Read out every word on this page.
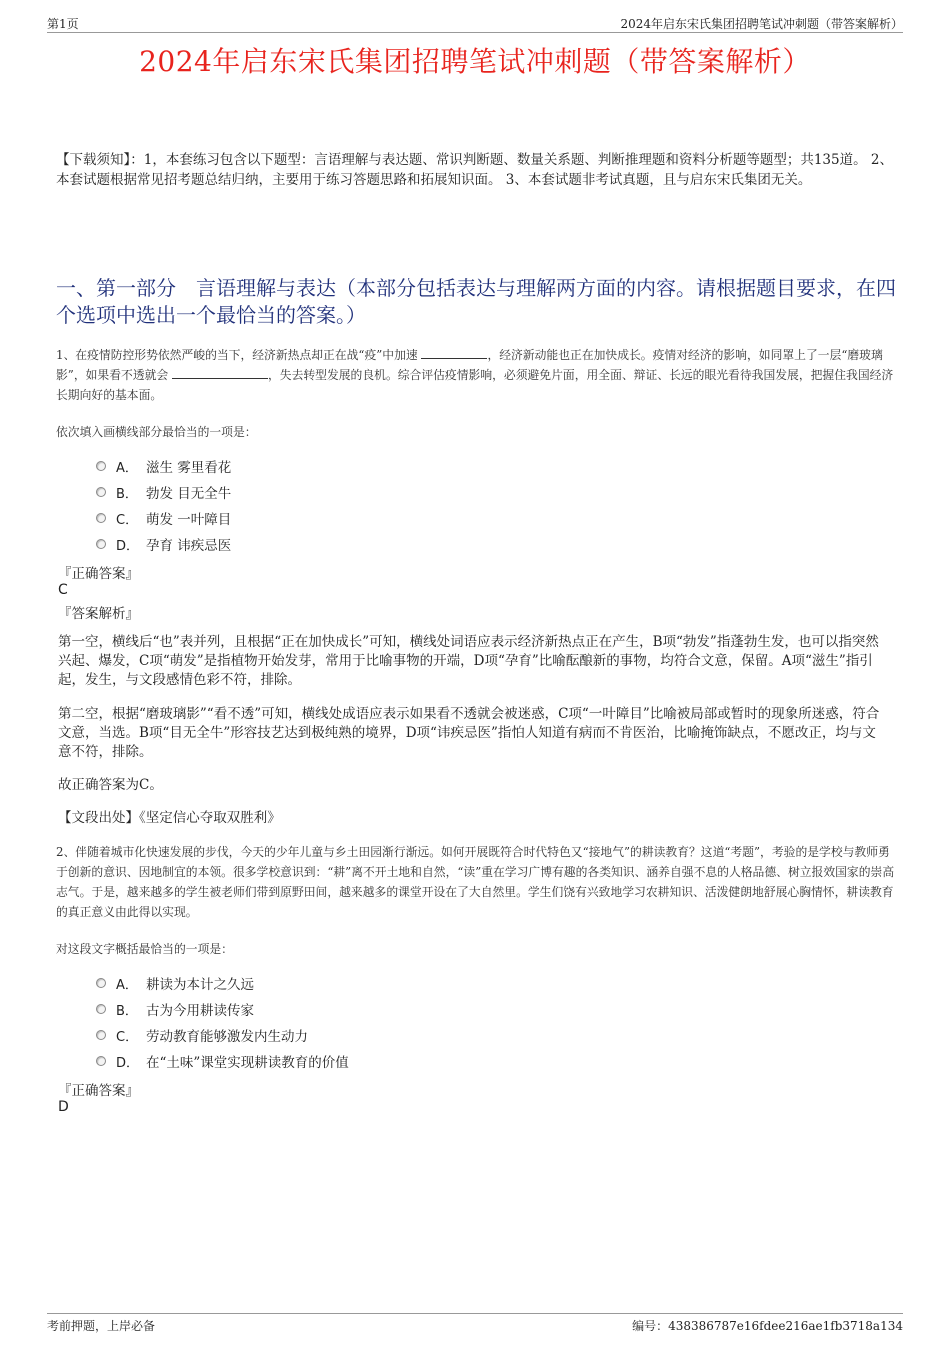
第1页	2024年启东宋氏集团招聘笔试冲刺题（带答案解析）
2024年启东宋氏集团招聘笔试冲刺题（带答案解析）
【下载须知】：1，本套练习包含以下题型：言语理解与表达题、常识判断题、数量关系题、判断推理题和资料分析题等题型；共135道。 2、本套试题根据常见招考题总结归纳，主要用于练习答题思路和拓展知识面。 3、本套试题非考试真题，且与启东宋氏集团无关。
一、第一部分　言语理解与表达（本部分包括表达与理解两方面的内容。请根据题目要求，在四个选项中选出一个最恰当的答案。）
1、在疫情防控形势依然严峻的当下，经济新热点却正在战“疫”中加速	，经济新动能也正在加快成长。疫情对经济的影响，如同罩上了一层“磨玻璃影”，如果看不透就会	，失去转型发展的良机。综合评估疫情影响，必须避免片面，用全面、辩证、长远的眼光看待我国发展，把握住我国经济长期向好的基本面。
依次填入画横线部分最恰当的一项是：
A． 滋生 雾里看花
B． 勃发 目无全牛
C． 萌发 一叶障目
D． 孕育 讳疾忌医
『正确答案』
C
『答案解析』
第一空，横线后“也”表并列，且根据“正在加快成长”可知，横线处词语应表示经济新热点正在产生，B项“勃发”指蓬勃生发，也可以指突然兴起、爆发，C项“萌发”是指植物开始发芽，常用于比喻事物的开端，D项“孕育”比喻酝酿新的事物，均符合文意，保留。A项“滋生”指引起，发生，与文段感情色彩不符，排除。
第二空，根据“磨玻璃影”“看不透”可知，横线处成语应表示如果看不透就会被迷惑，C项“一叶障目”比喻被局部或暂时的现象所迷惑，符合文意，当选。B项“目无全牛”形容技艺达到极纯熟的境界，D项“讳疾忌医”指怕人知道有病而不肯医治，比喻掩饰缺点，不愿改正，均与文意不符，排除。
故正确答案为C。
【文段出处】《坚定信心夺取双胜利》
2、伴随着城市化快速发展的步伐，今天的少年儿童与乡土田园渐行渐远。如何开展既符合时代特色又“接地气”的耕读教育？这道“考题”，考验的是学校与教师勇于创新的意识、因地制宜的本领。很多学校意识到：“耕”离不开土地和自然，“读”重在学习广博有趣的各类知识、涵养自强不息的人格品德、树立报效国家的崇高志气。于是，越来越多的学生被老师们带到原野田间，越来越多的课堂开设在了大自然里。学生们饶有兴致地学习农耕知识、活泼健朗地舒展心胸情怀，耕读教育的真正意义由此得以实现。
对这段文字概括最恰当的一项是：
A． 耕读为本计之久远
B． 古为今用耕读传家
C． 劳动教育能够激发内生动力
D． 在“土味”课堂实现耕读教育的价值
『正确答案』
D
考前押题，上岸必备	编号：438386787e16fdee216ae1fb3718a134
